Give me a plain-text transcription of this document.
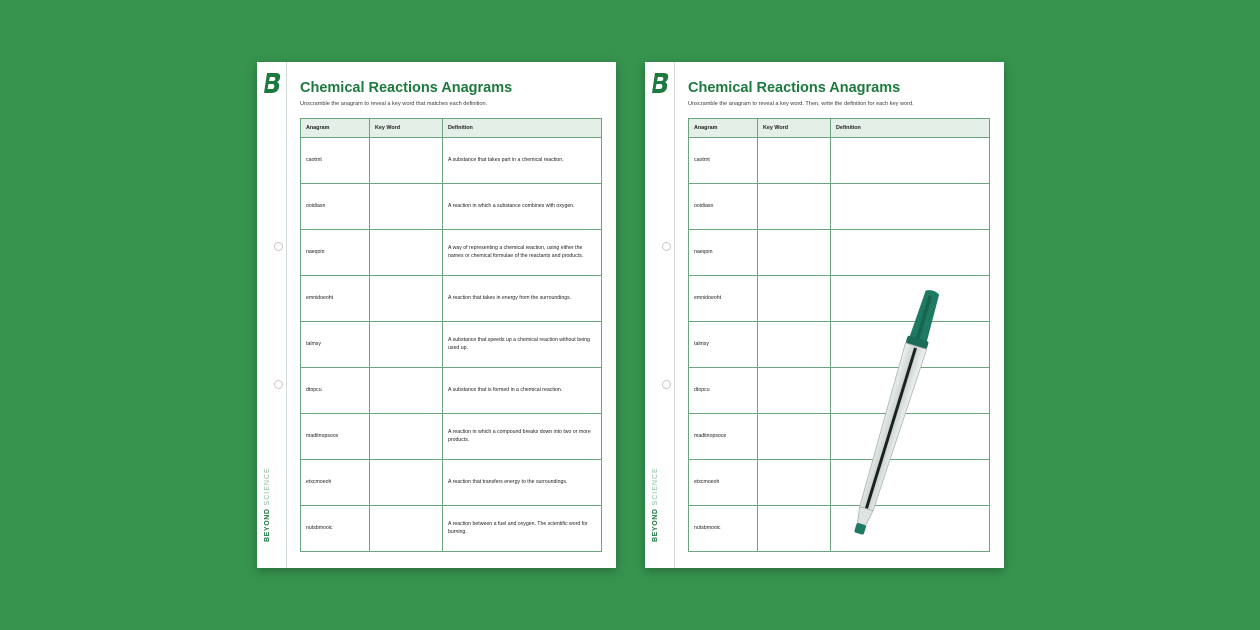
BEYONDSCIENCE
Chemical Reactions Anagrams
Unscramble the anagram to reveal a key word that matches each definition.
Anagram	Key Word	Definition
caotrnt		A substance that takes part in a chemical reaction.
ooidiasn		A reaction in which a substance combines with oxygen.
naeqoin		A way of representing a chemical reaction, using either the names or chemical formulae of the reactants and products.
emnidoeoht		A reaction that takes in energy from the surroundings.
talmsy		A substance that speeds up a chemical reaction without being used up.
dtopcu		A substance that is formed in a chemical reaction.
maditnopsoce		A reaction in which a compound breaks down into two or more products.
etxcmoeoh		A reaction that transfers energy to the surroundings.
nutsbmooic		A reaction between a fuel and oxygen. The scientific word for burning.	BEYONDSCIENCE
Chemical Reactions Anagrams
Unscramble the anagram to reveal a key word. Then, write the definition for each key word.
Anagram	Key Word	Definition
caotrnt		
ooidiasn		
naeqoin		
emnidoeoht		
talmsy		
dtopcu		
maditnopsoce		
etxcmoeoh		
nutsbmooic		
